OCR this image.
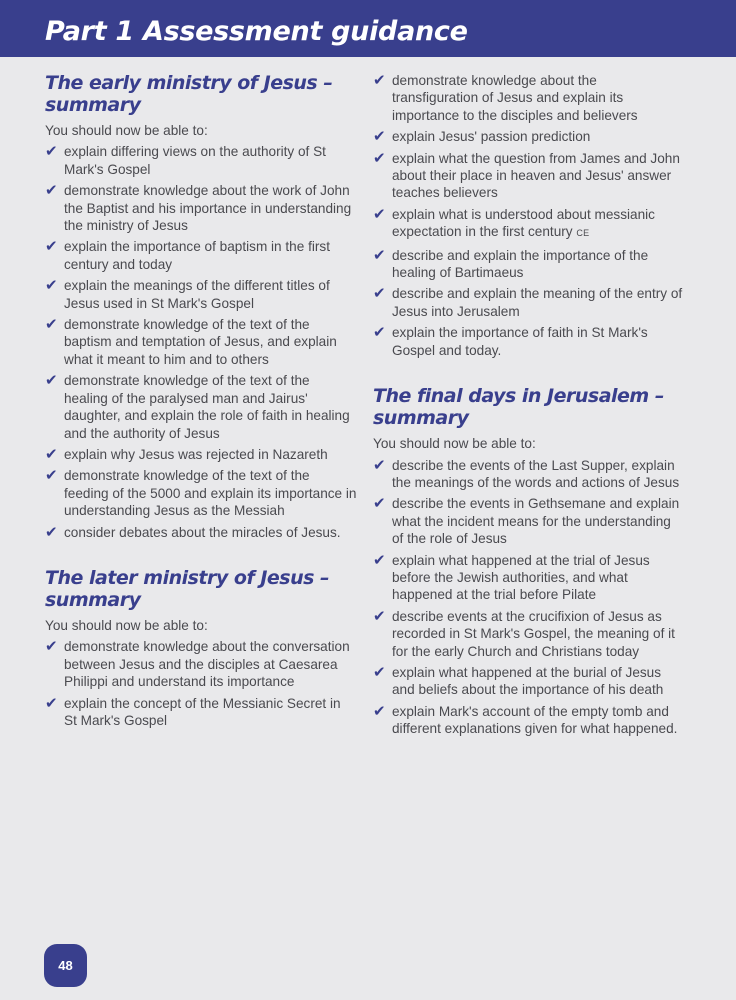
Part 1 Assessment guidance
The early ministry of Jesus – summary

You should now be able to:

✔ explain differing views on the authority of St Mark's Gospel
✔ demonstrate knowledge about the work of John the Baptist and his importance in understanding the ministry of Jesus
✔ explain the importance of baptism in the first century and today
✔ explain the meanings of the different titles of Jesus used in St Mark's Gospel
✔ demonstrate knowledge of the text of the baptism and temptation of Jesus, and explain what it meant to him and to others
✔ demonstrate knowledge of the text of the healing of the paralysed man and Jairus' daughter, and explain the role of faith in healing and the authority of Jesus
✔ explain why Jesus was rejected in Nazareth
✔ demonstrate knowledge of the text of the feeding of the 5000 and explain its importance in understanding Jesus as the Messiah
✔ consider debates about the miracles of Jesus.
The later ministry of Jesus – summary

You should now be able to:

✔ demonstrate knowledge about the conversation between Jesus and the disciples at Caesarea Philippi and understand its importance
✔ explain the concept of the Messianic Secret in St Mark's Gospel
✔ demonstrate knowledge about the transfiguration of Jesus and explain its importance to the disciples and believers
✔ explain Jesus' passion prediction
✔ explain what the question from James and John about their place in heaven and Jesus' answer teaches believers
✔ explain what is understood about messianic expectation in the first century CE
✔ describe and explain the importance of the healing of Bartimaeus
✔ describe and explain the meaning of the entry of Jesus into Jerusalem
✔ explain the importance of faith in St Mark's Gospel and today.
The final days in Jerusalem – summary

You should now be able to:

✔ describe the events of the Last Supper, explain the meanings of the words and actions of Jesus
✔ describe the events in Gethsemane and explain what the incident means for the understanding of the role of Jesus
✔ explain what happened at the trial of Jesus before the Jewish authorities, and what happened at the trial before Pilate
✔ describe events at the crucifixion of Jesus as recorded in St Mark's Gospel, the meaning of it for the early Church and Christians today
✔ explain what happened at the burial of Jesus and beliefs about the importance of his death
✔ explain Mark's account of the empty tomb and different explanations given for what happened.
48
